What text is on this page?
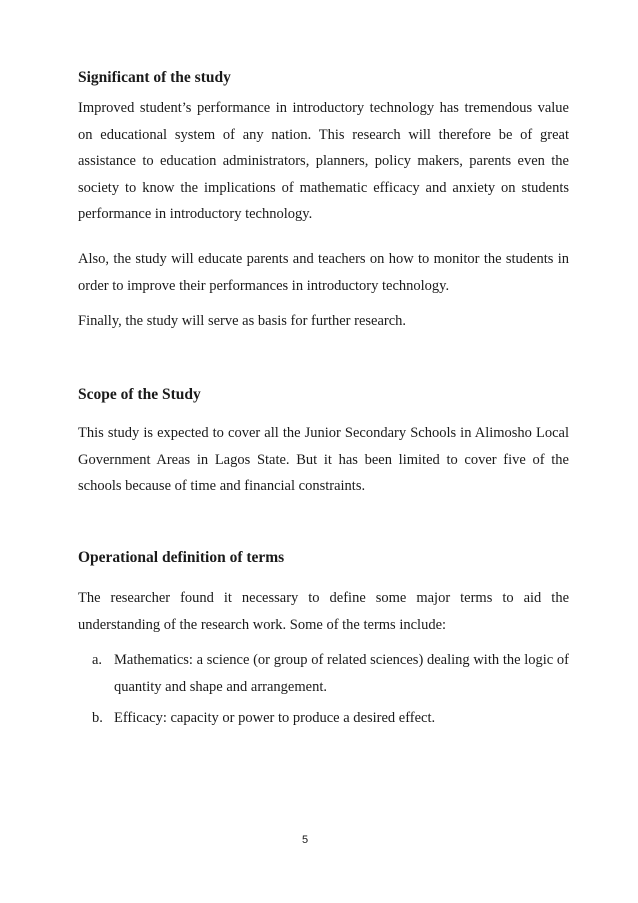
Significant of the study

Improved student’s performance in introductory technology has tremendous value on educational system of any nation. This research will therefore be of great assistance to education administrators, planners, policy makers, parents even the society to know the implications of mathematic efficacy and anxiety on students performance in introductory technology.

Also, the study will educate parents and teachers on how to monitor the students in order to improve their performances in introductory technology.

Finally, the study will serve as basis for further research.

Scope of the Study

This study is expected to cover all the Junior Secondary Schools in Alimosho Local Government Areas in Lagos State. But it has been limited to cover five of the schools because of time and financial constraints.

Operational definition of terms

The researcher found it necessary to define some major terms to aid the understanding of the research work. Some of the terms include:

a. Mathematics: a science (or group of related sciences) dealing with the logic of quantity and shape and arrangement.
b. Efficacy: capacity or power to produce a desired effect.
5
